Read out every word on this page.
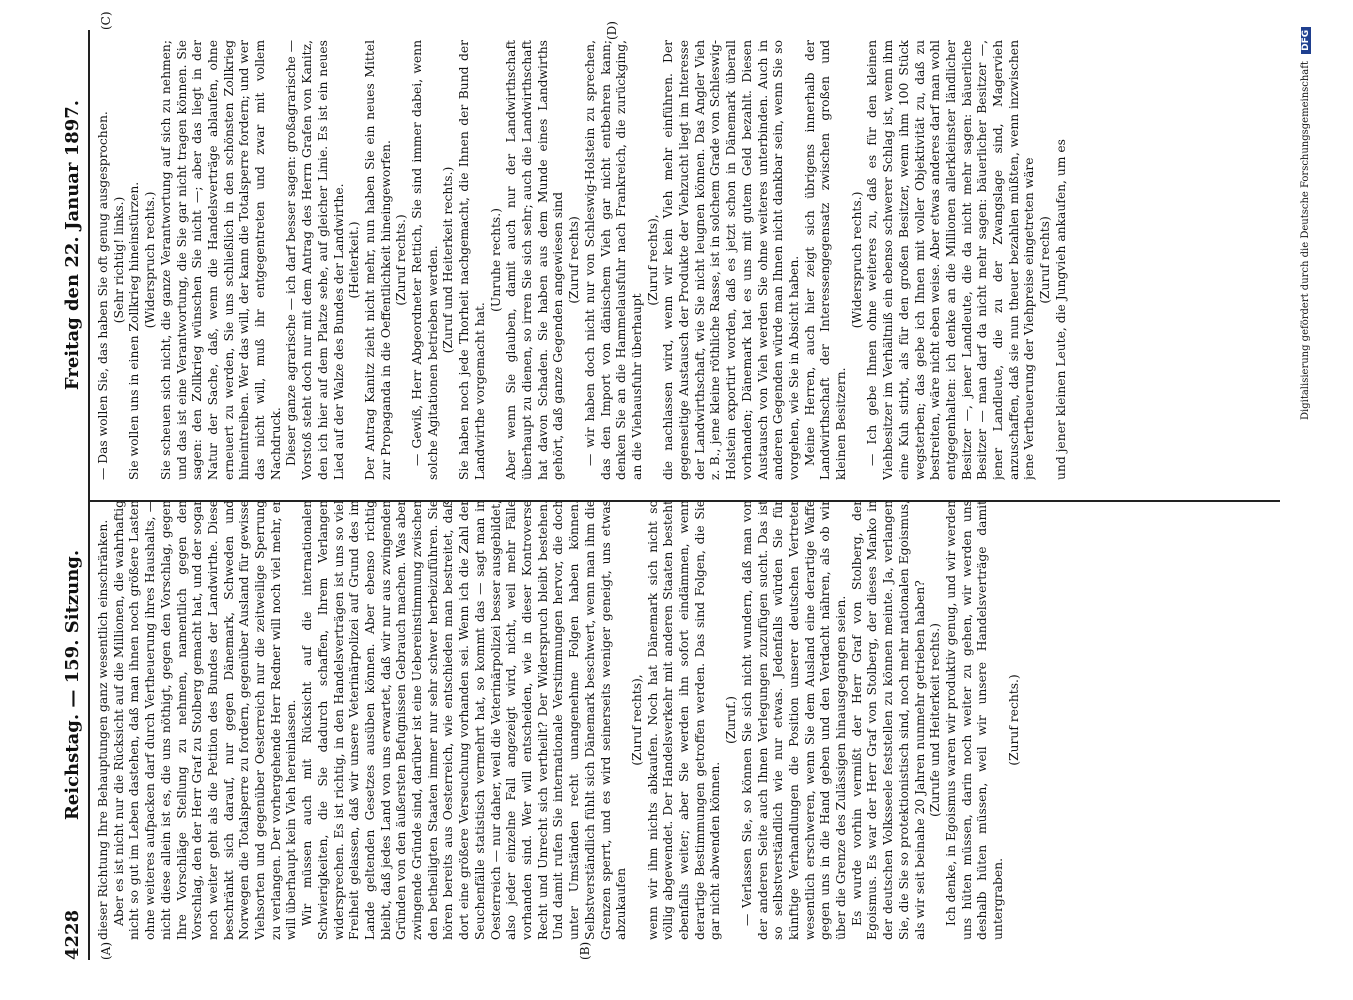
4228
Reichstag. — 159. Sitzung.
Freitag den 22. Januar 1897.
(A)	(B)
(C)
(D)

dieser Richtung Ihre Behauptungen ganz wesentlich einschränken. Aber es ist nicht nur die Rücksicht auf die Millionen, die wahrhaftig nicht so gut im Leben dastehen, daß man ihnen noch größere Lasten ohne weiteres aufpacken darf durch Vertheuerung ihres Haushalts, — nicht diese allein ist es, die uns nöthigt, gegen den Vorschlag, gegen Ihre Vorschläge Stellung zu nehmen, namentlich gegen den Vorschlag, den der Herr Graf zu Stolberg gemacht hat, und der sogar noch weiter geht als die Petition des Bundes der Landwirthe. Diese beschränkt sich darauf, nur gegen Dänemark, Schweden und Norwegen die Totalsperre zu fordern, gegenüber Ausland für gewisse Viehsorten und gegenüber Oesterreich nur die zeitweilige Sperrung zu verlangen. Der vorhergehende Herr Redner will noch viel mehr, er will überhaupt kein Vieh hereinlassen. Wir müssen auch mit Rücksicht auf die internationalen Schwierigkeiten, die Sie dadurch schaffen, Ihrem Verlangen widersprechen. Es ist richtig, in den Handelsverträgen ist uns so viel Freiheit gelassen, daß wir unsere Veterinärpolizei auf Grund des im Lande geltenden Gesetzes ausüben können. Aber ebenso richtig bleibt, daß jedes Land von uns erwartet, daß wir nur aus zwingenden Gründen von den äußersten Befugnissen Gebrauch machen. Was aber zwingende Gründe sind, darüber ist eine Uebereinstimmung zwischen den betheiligten Staaten immer nur sehr schwer herbeizuführen. Sie hören bereits aus Oesterreich, wie entschieden man bestreitet, daß dort eine größere Verseuchung vorhanden sei. Wenn ich die Zahl der Seuchenfälle statistisch vermehrt hat, so kommt das — sagt man in Oesterreich — nur daher, weil die Veterinärpolizei besser ausgebildet, also jeder einzelne Fall angezeigt wird, nicht, weil mehr Fälle vorhanden sind. Wer will entscheiden, wie in dieser Kontroverse Recht und Unrecht sich vertheilt? Der Widerspruch bleibt bestehen. Und damit rufen Sie internationale Verstimmungen hervor, die doch unter Umständen recht unangenehme Folgen haben können. Selbstverständlich fühlt sich Dänemark beschwert, wenn man ihm die Grenzen sperrt, und es wird seinerseits weniger geneigt, uns etwas abzukaufen

(Zuruf rechts), wenn wir ihm nichts abkaufen. Noch hat Dänemark sich nicht so völlig abgewendet. Der Handelsverkehr mit anderen Staaten besteht ebenfalls weiter; aber Sie werden ihn sofort eindämmen, wenn derartige Bestimmungen getroffen werden. Das sind Folgen, die Sie gar nicht abwenden können.

(Zuruf.) — Verlassen Sie, so können Sie sich nicht wundern, daß man von der anderen Seite auch Ihnen Verlegungen zuzufügen sucht. Das ist so selbstverständlich wie nur etwas. Jedenfalls würden Sie für künftige Verhandlungen die Position unserer deutschen Vertreter wesentlich erschweren, wenn Sie dem Ausland eine derartige Waffe gegen uns in die Hand geben und den Verdacht nähren, als ob wir über die Grenze des Zulässigen hinausgegangen seien. Es wurde vorhin vermißt der Herr Graf von Stolberg, der Egoismus. Es war der Herr Graf von Stolberg, der dieses Manko in der deutschen Volksseele feststellen zu können meinte. Ja, verlangen Sie, die Sie so protektionistisch sind, noch mehr nationalen Egoismus, als wir seit beinahe 20 Jahren nunmehr getrieben haben? (Zurufe und Heiterkeit rechts.) Ich denke, in Egoismus waren wir produktiv genug, und wir werden uns hüten müssen, darin noch weiter zu gehen, wir werden uns deshalb hüten müssen, weil wir unsere Handelsverträge damit untergraben.

(Zuruf rechts.)

— Das wollen Sie, das haben Sie oft genug ausgesprochen. (Sehr richtig! links.) Sie wollen uns in einen Zollkrieg hineinstürzen. (Widerspruch rechts.) Sie scheuen sich nicht, die ganze Verantwortung auf sich zu nehmen; und das ist eine Verantwortung, die Sie gar nicht tragen können. Sie sagen: den Zollkrieg wünschen Sie nicht —; aber das liegt in der Natur der Sache, daß, wenn die Handelsverträge ablaufen, ohne erneuert zu werden, Sie uns schließlich in den schönsten Zollkrieg hineintreiben. Wer das will, der kann die Totalsperre fordern; und wer das nicht will, muß ihr entgegentreten und zwar mit vollem Nachdruck. Dieser ganze agrarische — ich darf besser sagen: großagrarische — Vorstoß steht doch nur mit dem Antrag des Herrn Grafen von Kanitz, den ich hier auf dem Platze sehe, auf gleicher Linie. Es ist ein neues Lied auf der Walze des Bundes der Landwirthe. (Heiterkeit.) Der Antrag Kanitz zieht nicht mehr, nun haben Sie ein neues Mittel zur Propaganda in die Oeffentlichkeit hineingeworfen. (Zuruf rechts.) — Gewiß, Herr Abgeordneter Rettich, Sie sind immer dabei, wenn solche Agitationen betrieben werden. (Zuruf und Heiterkeit rechts.) Sie haben noch jede Thorheit nachgemacht, die Ihnen der Bund der Landwirthe vorgemacht hat.

(Unruhe rechts.) Aber wenn Sie glauben, damit auch nur der Landwirthschaft überhaupt zu dienen, so irren Sie sich sehr; auch die Landwirthschaft hat davon Schaden. Sie haben aus dem Munde eines Landwirths gehört, daß ganze Gegenden angewiesen sind (Zuruf rechts) — wir haben doch nicht nur von Schleswig-Holstein zu sprechen, das den Import von dänischem Vieh gar nicht entbehren kann; denken Sie an die Hammelausfuhr nach Frankreich, die zurückging, an die Viehausfuhr überhaupt

(Zuruf rechts), die nachlassen wird, wenn wir kein Vieh mehr einführen. Der gegenseitige Austausch der Produkte der Viehzucht liegt im Interesse der Landwirthschaft, wie Sie nicht leugnen können. Das Angler Vieh z. B., jene kleine röthliche Rasse, ist in solchem Grade von Schleswig-Holstein exportirt worden, daß es jetzt schon in Dänemark überall vorhanden; Dänemark hat es uns mit gutem Geld bezahlt. Diesen Austausch von Vieh werden Sie ohne weiteres unterbinden. Auch in anderen Gegenden würde man Ihnen nicht dankbar sein, wenn Sie so vorgehen, wie Sie in Absicht haben. Meine Herren, auch hier zeigt sich übrigens innerhalb der Landwirthschaft der Interessengegensatz zwischen großen und kleinen Besitzern.

(Widerspruch rechts.) — Ich gebe Ihnen ohne weiteres zu, daß es für den kleinen Viehbesitzer im Verhältniß ein ebenso schwerer Schlag ist, wenn ihm eine Kuh stirbt, als für den großen Besitzer, wenn ihm 100 Stück wegsterben; das gebe ich Ihnen mit voller Objektivität zu, daß zu bestreiten, wäre nicht eben weise. Aber etwas anderes darf man wohl entgegenhalten: ich denke an die Millionen allerkleinster ländlicher Besitzer —, jener Landleute, die da nicht mehr sagen: bäuerliche Besitzer — man darf da nicht mehr sagen: bäuerlicher Besitzer —, jener Landleute, die zu der Zwangslage sind, Magervieh anzuschaffen, daß sie nun theuer bezahlen müßten, wenn inzwischen jene Vertheuerung der Viehpreise eingetreten wäre (Zuruf rechts) und jener kleinen Leute, die Jungvieh ankaufen, um es	Digitalisierung gefördert durch die Deutsche Forschungsgemeinschaft DFG
